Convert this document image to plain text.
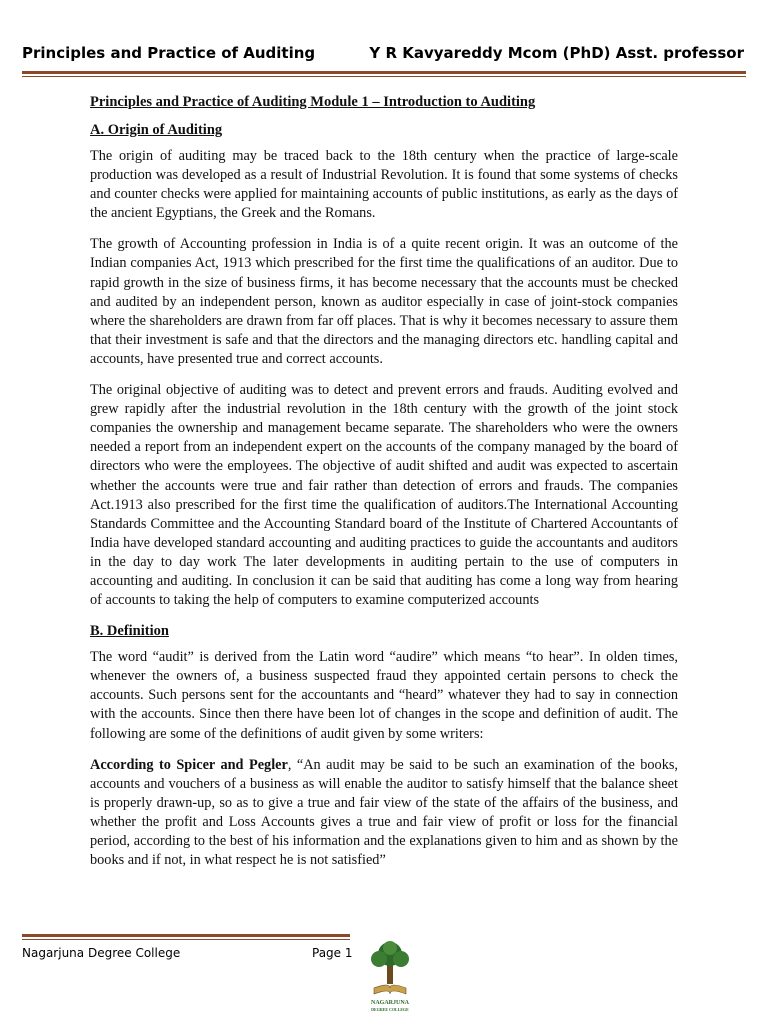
Principles and Practice of Auditing	Y R Kavyareddy Mcom (PhD) Asst. professor
Principles and Practice of Auditing Module 1 – Introduction to Auditing
A. Origin of Auditing

The origin of auditing may be traced back to the 18th century when the practice of large-scale production was developed as a result of Industrial Revolution. It is found that some systems of checks and counter checks were applied for maintaining accounts of public institutions, as early as the days of the ancient Egyptians, the Greek and the Romans.

The growth of Accounting profession in India is of a quite recent origin. It was an outcome of the Indian companies Act, 1913 which prescribed for the first time the qualifications of an auditor. Due to rapid growth in the size of business firms, it has become necessary that the accounts must be checked and audited by an independent person, known as auditor especially in case of joint-stock companies where the shareholders are drawn from far off places. That is why it becomes necessary to assure them that their investment is safe and that the directors and the managing directors etc. handling capital and accounts, have presented true and correct accounts.

The original objective of auditing was to detect and prevent errors and frauds. Auditing evolved and grew rapidly after the industrial revolution in the 18th century with the growth of the joint stock companies the ownership and management became separate. The shareholders who were the owners needed a report from an independent expert on the accounts of the company managed by the board of directors who were the employees. The objective of audit shifted and audit was expected to ascertain whether the accounts were true and fair rather than detection of errors and frauds. The companies Act.1913 also prescribed for the first time the qualification of auditors.The International Accounting Standards Committee and the Accounting Standard board of the Institute of Chartered Accountants of India have developed standard accounting and auditing practices to guide the accountants and auditors in the day to day work The later developments in auditing pertain to the use of computers in accounting and auditing. In conclusion it can be said that auditing has come a long way from hearing of accounts to taking the help of computers to examine computerized accounts

B. Definition

The word “audit” is derived from the Latin word “audire” which means “to hear”. In olden times, whenever the owners of, a business suspected fraud they appointed certain persons to check the accounts. Such persons sent for the accountants and “heard” whatever they had to say in connection with the accounts. Since then there have been lot of changes in the scope and definition of audit. The following are some of the definitions of audit given by some writers:

According to Spicer and Pegler, “An audit may be said to be such an examination of the books, accounts and vouchers of a business as will enable the auditor to satisfy himself that the balance sheet is properly drawn-up, so as to give a true and fair view of the state of the affairs of the business, and whether the profit and Loss Accounts gives a true and fair view of profit or loss for the financial period, according to the best of his information and the explanations given to him and as shown by the books and if not, in what respect he is not satisfied”

Nagarjuna Degree College	Page 1
NAGARJUNA
DEGREE COLLEGE
